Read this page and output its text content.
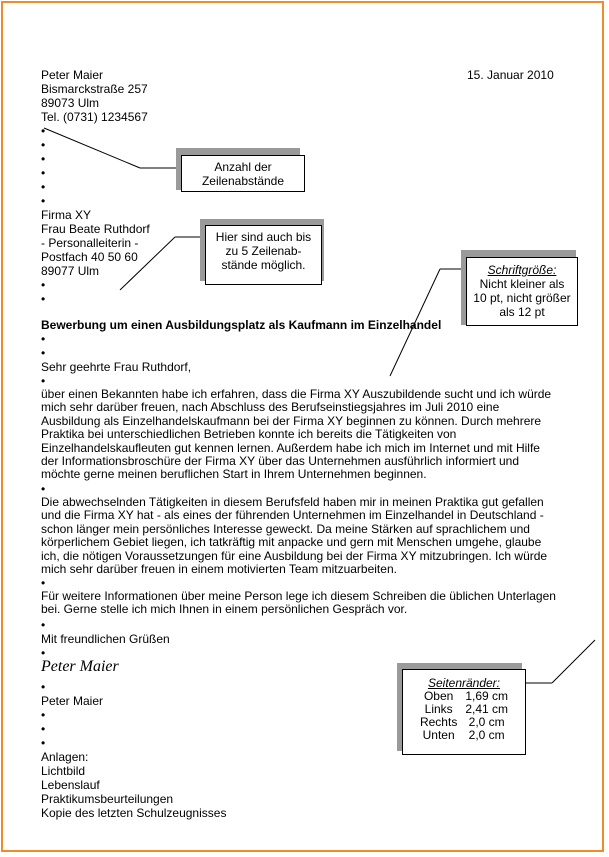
Peter Maier
Bismarckstraße 257
89073 Ulm
Tel. (0731) 1234567
15. Januar 2010
•
•
•
•
•
•
Firma XY
Frau Beate Ruthdorf
- Personalleiterin -
Postfach 40 50 60
89077 Ulm
•
•
Bewerbung um einen Ausbildungsplatz als Kaufmann im Einzelhandel
•
•
Sehr geehrte Frau Ruthdorf,
•
über einen Bekannten habe ich erfahren, dass die Firma XY Auszubildende sucht und ich würde mich sehr darüber freuen, nach Abschluss des Berufseinstiegsjahres im Juli 2010 eine Ausbildung als Einzelhandelskaufmann bei der Firma XY beginnen zu können. Durch mehrere Praktika bei unterschiedlichen Betrieben konnte ich bereits die Tätigkeiten von Einzelhandelskaufleuten gut kennen lernen. Außerdem habe ich mich im Internet und mit Hilfe der Informationsbroschüre der Firma XY über das Unternehmen ausführlich informiert und möchte gerne meinen beruflichen Start in Ihrem Unternehmen beginnen.
•
Die abwechselnden Tätigkeiten in diesem Berufsfeld haben mir in meinen Praktika gut gefallen und die Firma XY hat - als eines der führenden Unternehmen im Einzelhandel in Deutschland - schon länger mein persönliches Interesse geweckt. Da meine Stärken auf sprachlichem und körperlichem Gebiet liegen, ich tatkräftig mit anpacke und gern mit Menschen umgehe, glaube ich, die nötigen Voraussetzungen für eine Ausbildung bei der Firma XY mitzubringen. Ich würde mich sehr darüber freuen in einem motivierten Team mitzuarbeiten.
•
Für weitere Informationen über meine Person lege ich diesem Schreiben die üblichen Unterlagen bei. Gerne stelle ich mich Ihnen in einem persönlichen Gespräch vor.
•
Mit freundlichen Grüßen
•
Peter Maier
•
Peter Maier
•
•
•
Anlagen:
Lichtbild
Lebenslauf
Praktikumsbeurteilungen
Kopie des letzten Schulzeugnisses
Anzahl der Zeilenabstände
Hier sind auch bis zu 5 Zeilenab-stände möglich.	Schriftgröße:
Nicht kleiner als 10 pt, nicht größer als 12 pt
Seitenränder:
Oben	1,69 cm
Links	2,41 cm
Rechts	2,0 cm
Unten	2,0 cm
